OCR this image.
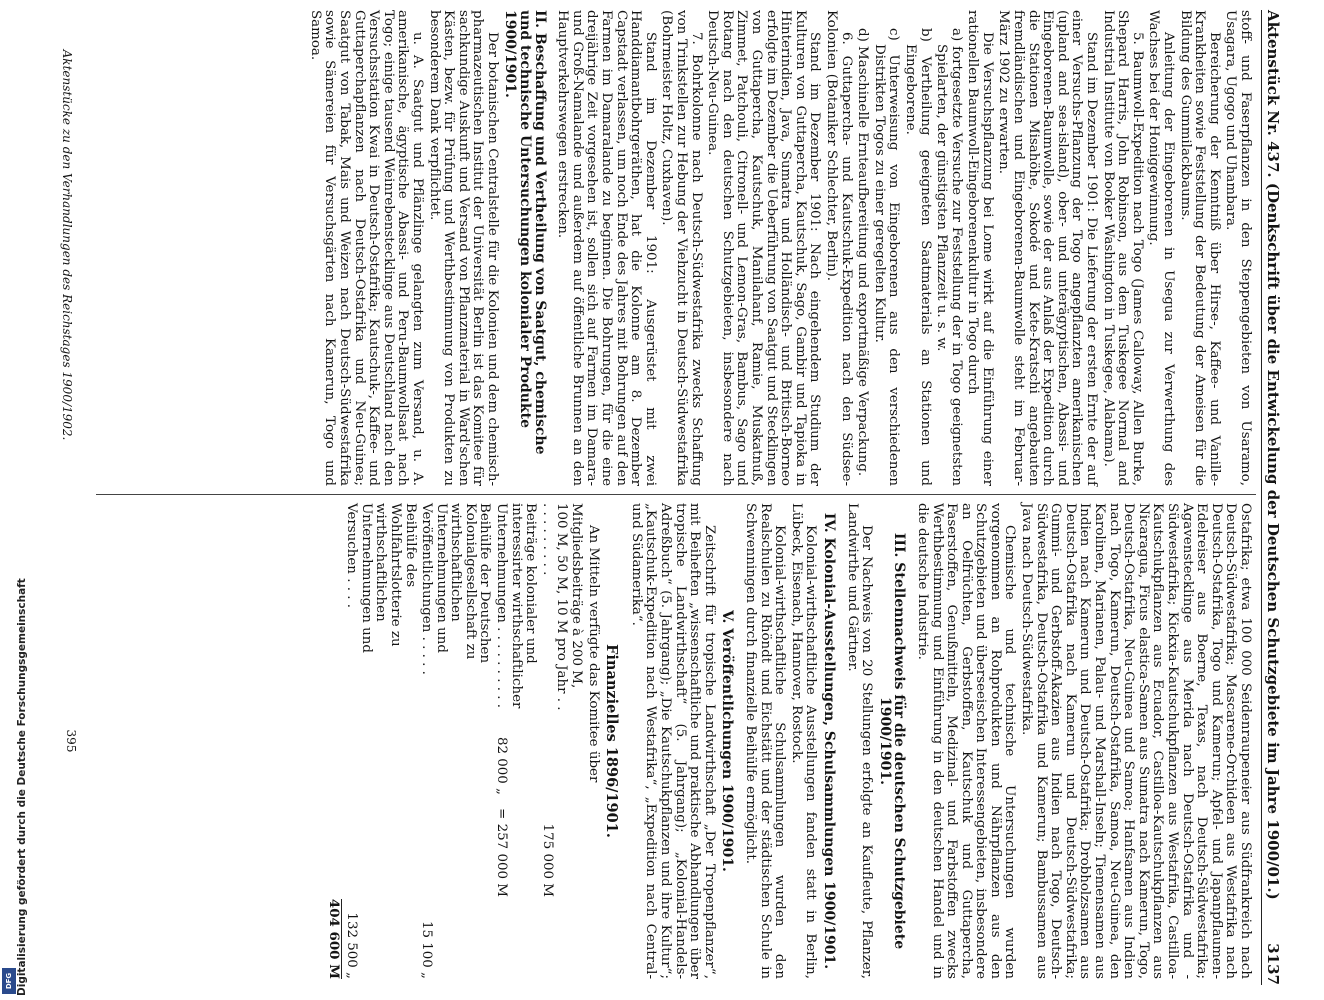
Aktenstück Nr. 437. (Denkschrift über die Entwickelung der Deutschen Schutzgebiete im Jahre 1900/01.)
3137

stoff- und Faserpflanzen in den Steppengebieten von Usaramo, Usagara, Ugogo und Uhambara.

Bereicherung der Kenntniß über Hirse-, Kaffee- und Vanille-Krankheiten sowie Feststellung der Bedeutung der Ameisen für die Bildung des Gummilackbaums.

Anleitung der Eingeborenen in Usegua zur Verwerthung des Wachses bei der Honiggewinnung.

5. Baumwoll-Expedition nach Togo (James Calloway, Allen Burke, Shepard Harris, John Robinson, aus dem Tuskegee Normal and Industrial Institute von Booker Washington in Tuskegee, Alabama).

Stand im Dezember 1901: Die Lieferung der ersten Ernte der auf einer Versuchs-Pflanzung der Togo angepflanzten amerikanischen (upland and sea-island), ober- und unterägyptischen, Abassi- und Eingeborenen-Baumwolle, sowie der aus Anlaß der Expedition durch die Stationen Misahöhe, Sokodé und Kete-Kratschi angebauten fremdländischen und Eingeborenen-Baumwolle steht im Februar-März 1902 zu erwarten.

Die Versuchspflanzung bei Lome wirkt auf die Einführung einer rationellen Baumwoll-Eingeborenenkultur in Togo durch

a) fortgesetzte Versuche zur Feststellung der in Togo geeignetsten Spielarten, der günstigsten Pflanzzeit u. s. w.

b) Vertheilung geeigneten Saatmaterials an Stationen und Eingeborene.

c) Unterweisung von Eingeborenen aus den verschiedenen Distrikten Togos zu einer geregelten Kultur.

d) Maschinelle Ernteaufbereitung und exportmäßige Verpackung.

6. Guttapercha- und Kautschuk-Expedition nach den Südsee-Kolonien (Botaniker Schlechter, Berlin).

Stand im Dezember 1901: Nach eingehendem Studium der Kulturen von Guttapercha, Kautschuk, Sago, Gambir und Tapioka in Hinterindien, Java, Sumatra und Holländisch- und Britisch-Borneo erfolgte im Dezember die Ueberführung von Saatgut und Stecklingen von Guttapercha, Kautschuk, Manilahanf, Ramie, Muskatnuß, Zimmet, Patchouli, Citronell- und Lemon-Gras, Bambus, Sago und Rotang nach den deutschen Schutzgebieten, insbesondere nach Deutsch-Neu-Guinea.

7. Bohrkolonne nach Deutsch-Südwestafrika zwecks Schaffung von Trinkstellen zur Hebung der Viehzucht in Deutsch-Südwestafrika (Bohrmeister Holtz, Cuxhaven).

Stand im Dezember 1901: Ausgerüstet mit zwei Handdiamantbohrgeräthen, hat die Kolonne am 8. Dezember Capstadt verlassen, um noch Ende des Jahres mit Bohrungen auf den Farmen im Damaralande zu beginnen. Die Bohrungen, für die eine dreijährige Zeit vorgesehen ist, sollen sich auf Farmen im Damara- und Groß-Namalande und außerdem auf öffentliche Brunnen an den Hauptverkehrswegen erstrecken.

II. Beschaffung und Vertheilung von Saatgut, chemische und technische Untersuchungen kolonialer Produkte 1900/1901.

Der botanischen Centralstelle für die Kolonien und dem chemisch-pharmazeutischen Institut der Universität Berlin ist das Komitee für sachkundige Auskunft und Versand von Pflanzmaterial in Ward'schen Kästen, bezw. für Prüfung und Werthbestimmung von Produkten zu besonderem Dank verpflichtet.

u. A. Saatgut und Pflänzlinge gelangten zum Versand, u. A. amerikanische, ägyptische Abassi- und Peru-Baumwollsaat nach Togo; einige tausend Weinrebenstecklinge aus Deutschland nach den Versuchsstation Kwai in Deutsch-Ostafrika; Kautschuk-, Kaffee- und Guttaperchapflanzen nach Deutsch-Ostafrika und Neu-Guinea; Saatgut von Tabak, Mais und Weizen nach Deutsch-Südwestafrika sowie Sämereien für Versuchsgärten nach Kamerun, Togo und Samoa.

Ostafrika; etwa 100 000 Seidenraupeneier aus Südfrankreich nach Deutsch-Südwestafrika; Mascarene-Orchideen aus Westafrika nach Deutsch-Ostafrika, Togo und Kamerun; Apfel- und Japanpflaumen-Edelreiser aus Boerne, Texas, nach Deutsch-Südwestafrika; Agavenstecklinge aus Merida nach Deutsch-Ostafrika und -Südwestafrika; Kickxia-Kautschukpflanzen aus Westafrika, Castilloa-Kautschukpflanzen aus Ecuador, Castilloa-Kautschukpflanzen aus Nicaragua, Ficus elastica-Samen aus Sumatra nach Kamerun, Togo, Deutsch-Ostafrika, Neu-Guinea und Samoa; Hanfsamen aus Indien nach Togo, Kamerun, Deutsch-Ostafrika, Samoa, Neu-Guinea, den Karolinen, Marianen, Palau- und Marshall-Inseln; Tiemensamen aus Indien nach Kamerun und Deutsch-Ostafrika; Drobholzsamen aus Deutsch-Ostafrika nach Kamerun und Deutsch-Südwestafrika; Gummi- und Gerbstoff-Akazien aus Indien nach Togo, Deutsch-Südwestafrika, Deutsch-Ostafrika und Kamerun; Bambussamen aus Java nach Deutsch-Südwestafrika.

Chemische und technische Untersuchungen wurden vorgenommen an Rohprodukten und Nährpflanzen aus den Schutzgebieten und überseeischen Interessengebieten, insbesondere an Oelfrüchten, Gerbstoffen, Kautschuk und Guttapercha, Faserstoffen, Genußmitteln, Medizinal- und Farbstoffen zwecks Werthbestimmung und Einführung in den deutschen Handel und in die deutsche Industrie.

III. Stellennachweis für die deutschen Schutzgebiete 1900/1901.

Der Nachweis von 20 Stellungen erfolgte an Kaufleute, Pflanzer, Landwirthe und Gärtner.

IV. Kolonial-Ausstellungen, Schulsammlungen 1900/1901.

Kolonial-wirthschaftliche Ausstellungen fanden statt in Berlin, Lübeck, Eisenach, Hannover, Rostock.

Kolonial-wirthschaftliche Schulsammlungen wurden den Realschulen zu Rhöndt und Eichstätt und der städtischen Schule in Schwenningen durch finanzielle Beihülfe ermöglicht.

V. Veröffentlichungen 1900/1901.

Zeitschrift für tropische Landwirthschaft „Der Tropenpflanzer“, mit Beiheften „wissenschaftliche und praktische Abhandlungen über tropische Landwirthschaft“ (5. Jahrgang); „Kolonial-Handels-Adreßbuch“ (5. Jahrgang); „Die Kautschukpflanzen und ihre Kultur“; „Kautschuk-Expedition nach Westafrika“, „Expedition nach Central- und Südamerika“.

Finanzielles 1896/1901.

An Mitteln verfügte das Komitee über

Mitgliedsbeiträge à 200 M, 100 M, 50 M, 10 M pro Jahr . . . . . . . . . . .
175 000 M
Beiträge kolonialer und interessirter wirthschaftlicher Unternehmungen . . . . . . . . . .
82 000 „
= 257 000 M
Beihülfe der Deutschen Kolonialgesellschaft zu wirthschaftlichen Unternehmungen und Veröffentlichungen . . . . .
15 100 „
Beihülfe des Wohlfahrtslotterie zu wirthschaftlichen Unternehmungen und Versuchen . . . .
132 500 „
404 600 M
Aktenstücke zu den Verhandlungen des Reichstages 1900/1902.
395
Digitalisierung gefördert durch die Deutsche Forschungsgemeinschaft
DFG
